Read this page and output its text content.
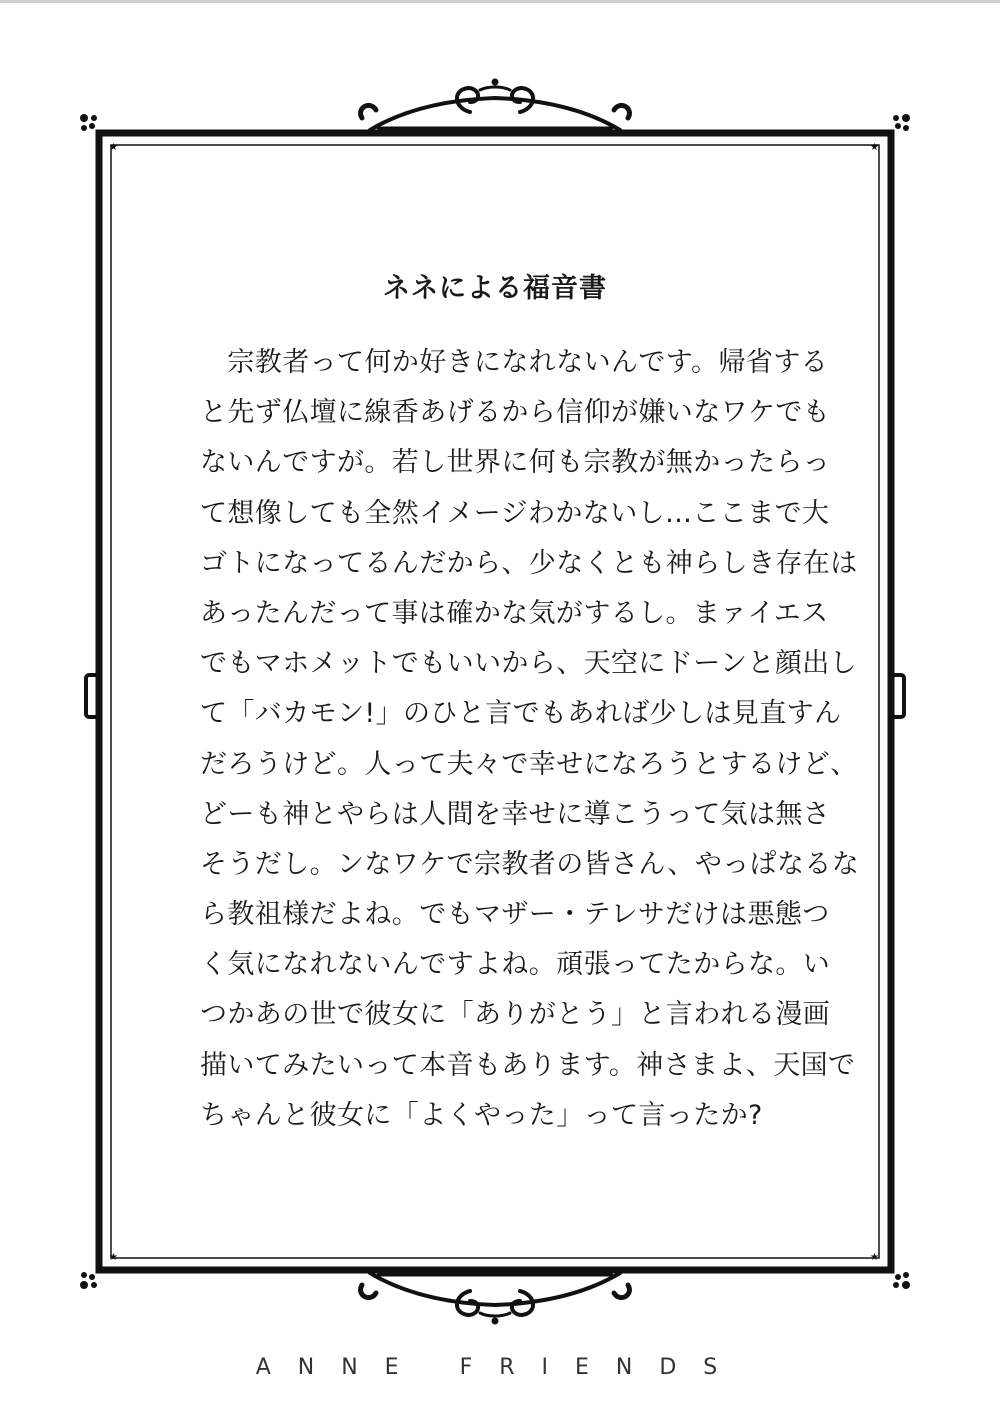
★	★
★	★
ネネによる福音書
　宗教者って何か好きになれないんです。帰省する
と先ず仏壇に線香あげるから信仰が嫌いなワケでも
ないんですが。若し世界に何も宗教が無かったらっ
て想像しても全然イメージわかないし…ここまで大
ゴトになってるんだから、少なくとも神らしき存在は
あったんだって事は確かな気がするし。まァイエス
でもマホメットでもいいから、天空にドーンと顔出し
て「バカモン!」のひと言でもあれば少しは見直すん
だろうけど。人って夫々で幸せになろうとするけど、
どーも神とやらは人間を幸せに導こうって気は無さ
そうだし。ンなワケで宗教者の皆さん、やっぱなるな
ら教祖様だよね。でもマザー・テレサだけは悪態つ
く気になれないんですよね。頑張ってたからな。い
つかあの世で彼女に「ありがとう」と言われる漫画
描いてみたいって本音もあります。神さまよ、天国で
ちゃんと彼女に「よくやった」って言ったか?
ANNE FRIENDS
